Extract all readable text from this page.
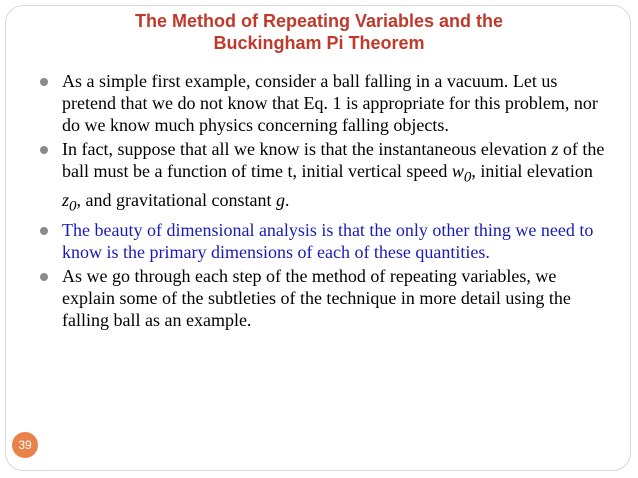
The Method of Repeating Variables and the
Buckingham Pi Theorem
As a simple first example, consider a ball falling in a vacuum. Let us pretend that we do not know that Eq. 1 is appropriate for this problem, nor do we know much physics concerning falling objects.
In fact, suppose that all we know is that the instantaneous elevation z of the ball must be a function of time t, initial vertical speed $w_0$, initial elevation $z_0$, and gravitational constant g.
The beauty of dimensional analysis is that the only other thing we need to know is the primary dimensions of each of these quantities.
As we go through each step of the method of repeating variables, we explain some of the subtleties of the technique in more detail using the falling ball as an example.
39
